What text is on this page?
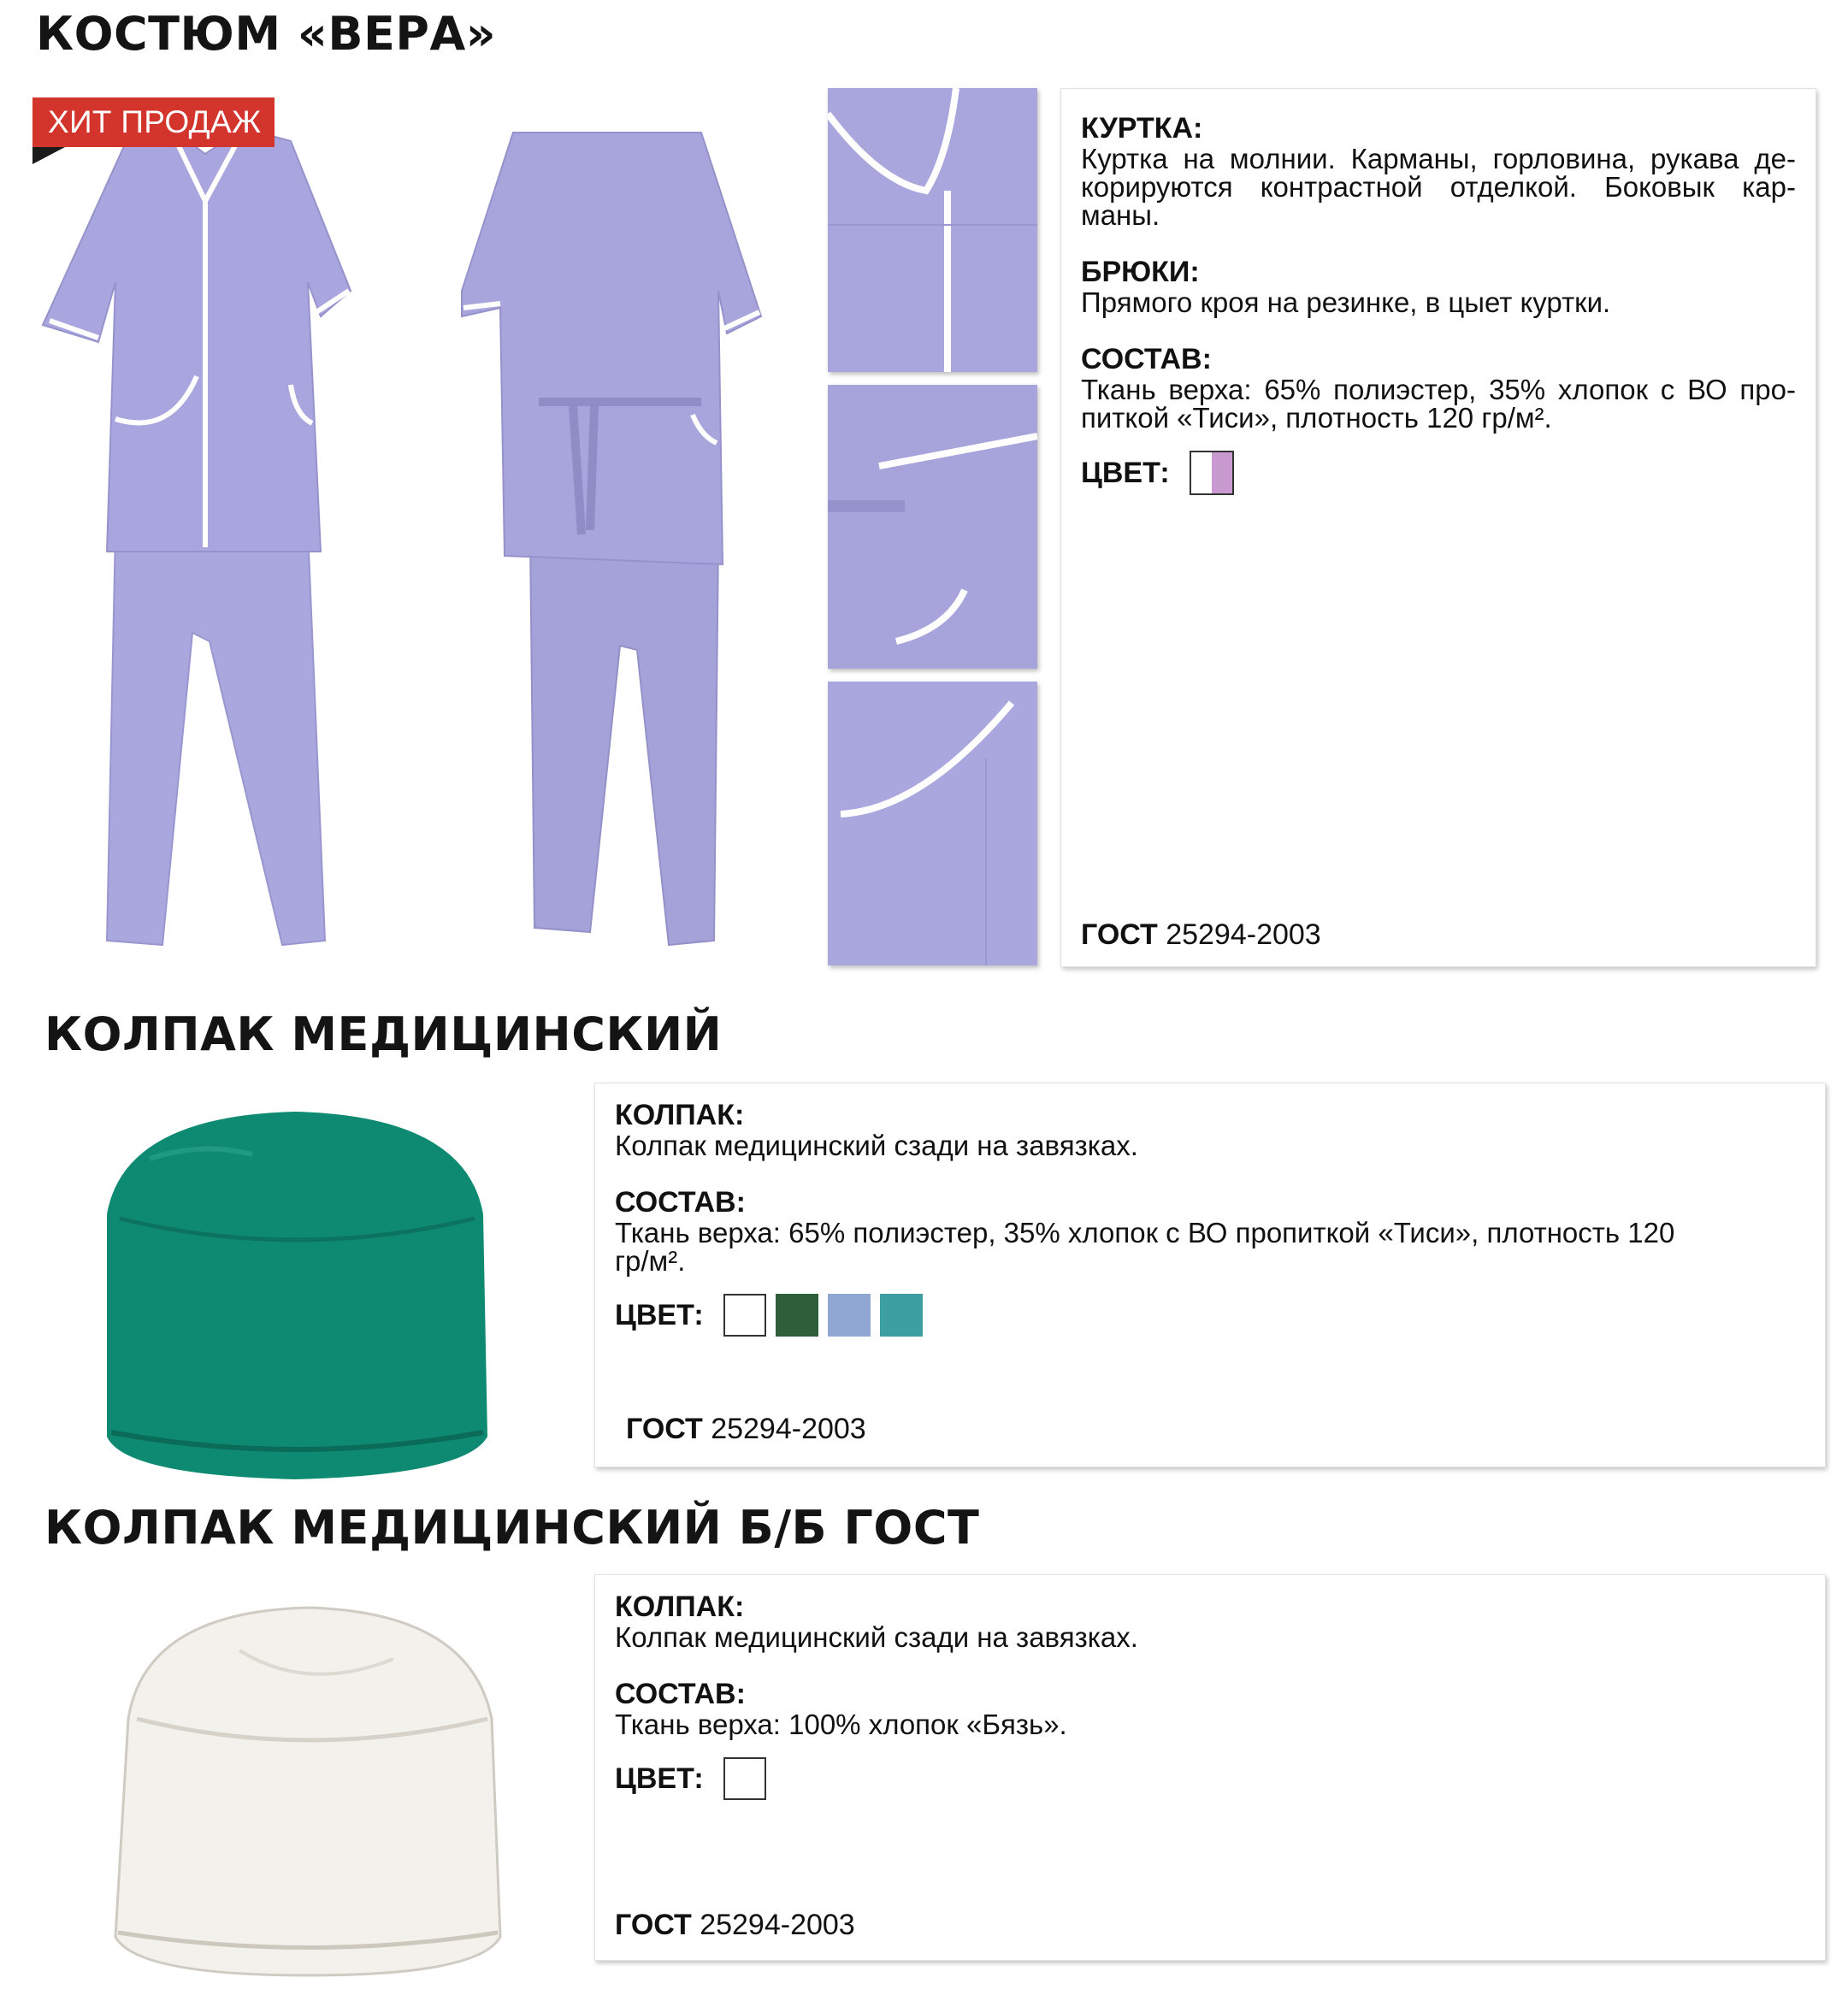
КОСТЮМ «ВЕРА»
ХИТ ПРОДАЖ	КУРТКА:

Куртка на молнии. Карманы, горловина, рукава де-корируются контрастной отделкой. Боковык кар-маны.

БРЮКИ:

Прямого кроя на резинке, в цыет куртки.

СОСТАВ:

Ткань верха: 65% полиэстер, 35% хлопок с ВО про-питкой «Тиси», плотность 120 гр/м².

ЦВЕТ:
ГОСТ 25294-2003
КОЛПАК МЕДИЦИНСКИЙ

КОЛПАК:

Колпак медицинский сзади на завязках.

СОСТАВ:

Ткань верха: 65% полиэстер, 35% хлопок с ВО пропиткой «Тиси», плотность 120 гр/м².

ЦВЕТ:
ГОСТ 25294-2003
КОЛПАК МЕДИЦИНСКИЙ Б/Б ГОСТ

КОЛПАК:

Колпак медицинский сзади на завязках.

СОСТАВ:

Ткань верха: 100% хлопок «Бязь».

ЦВЕТ:
ГОСТ 25294-2003
